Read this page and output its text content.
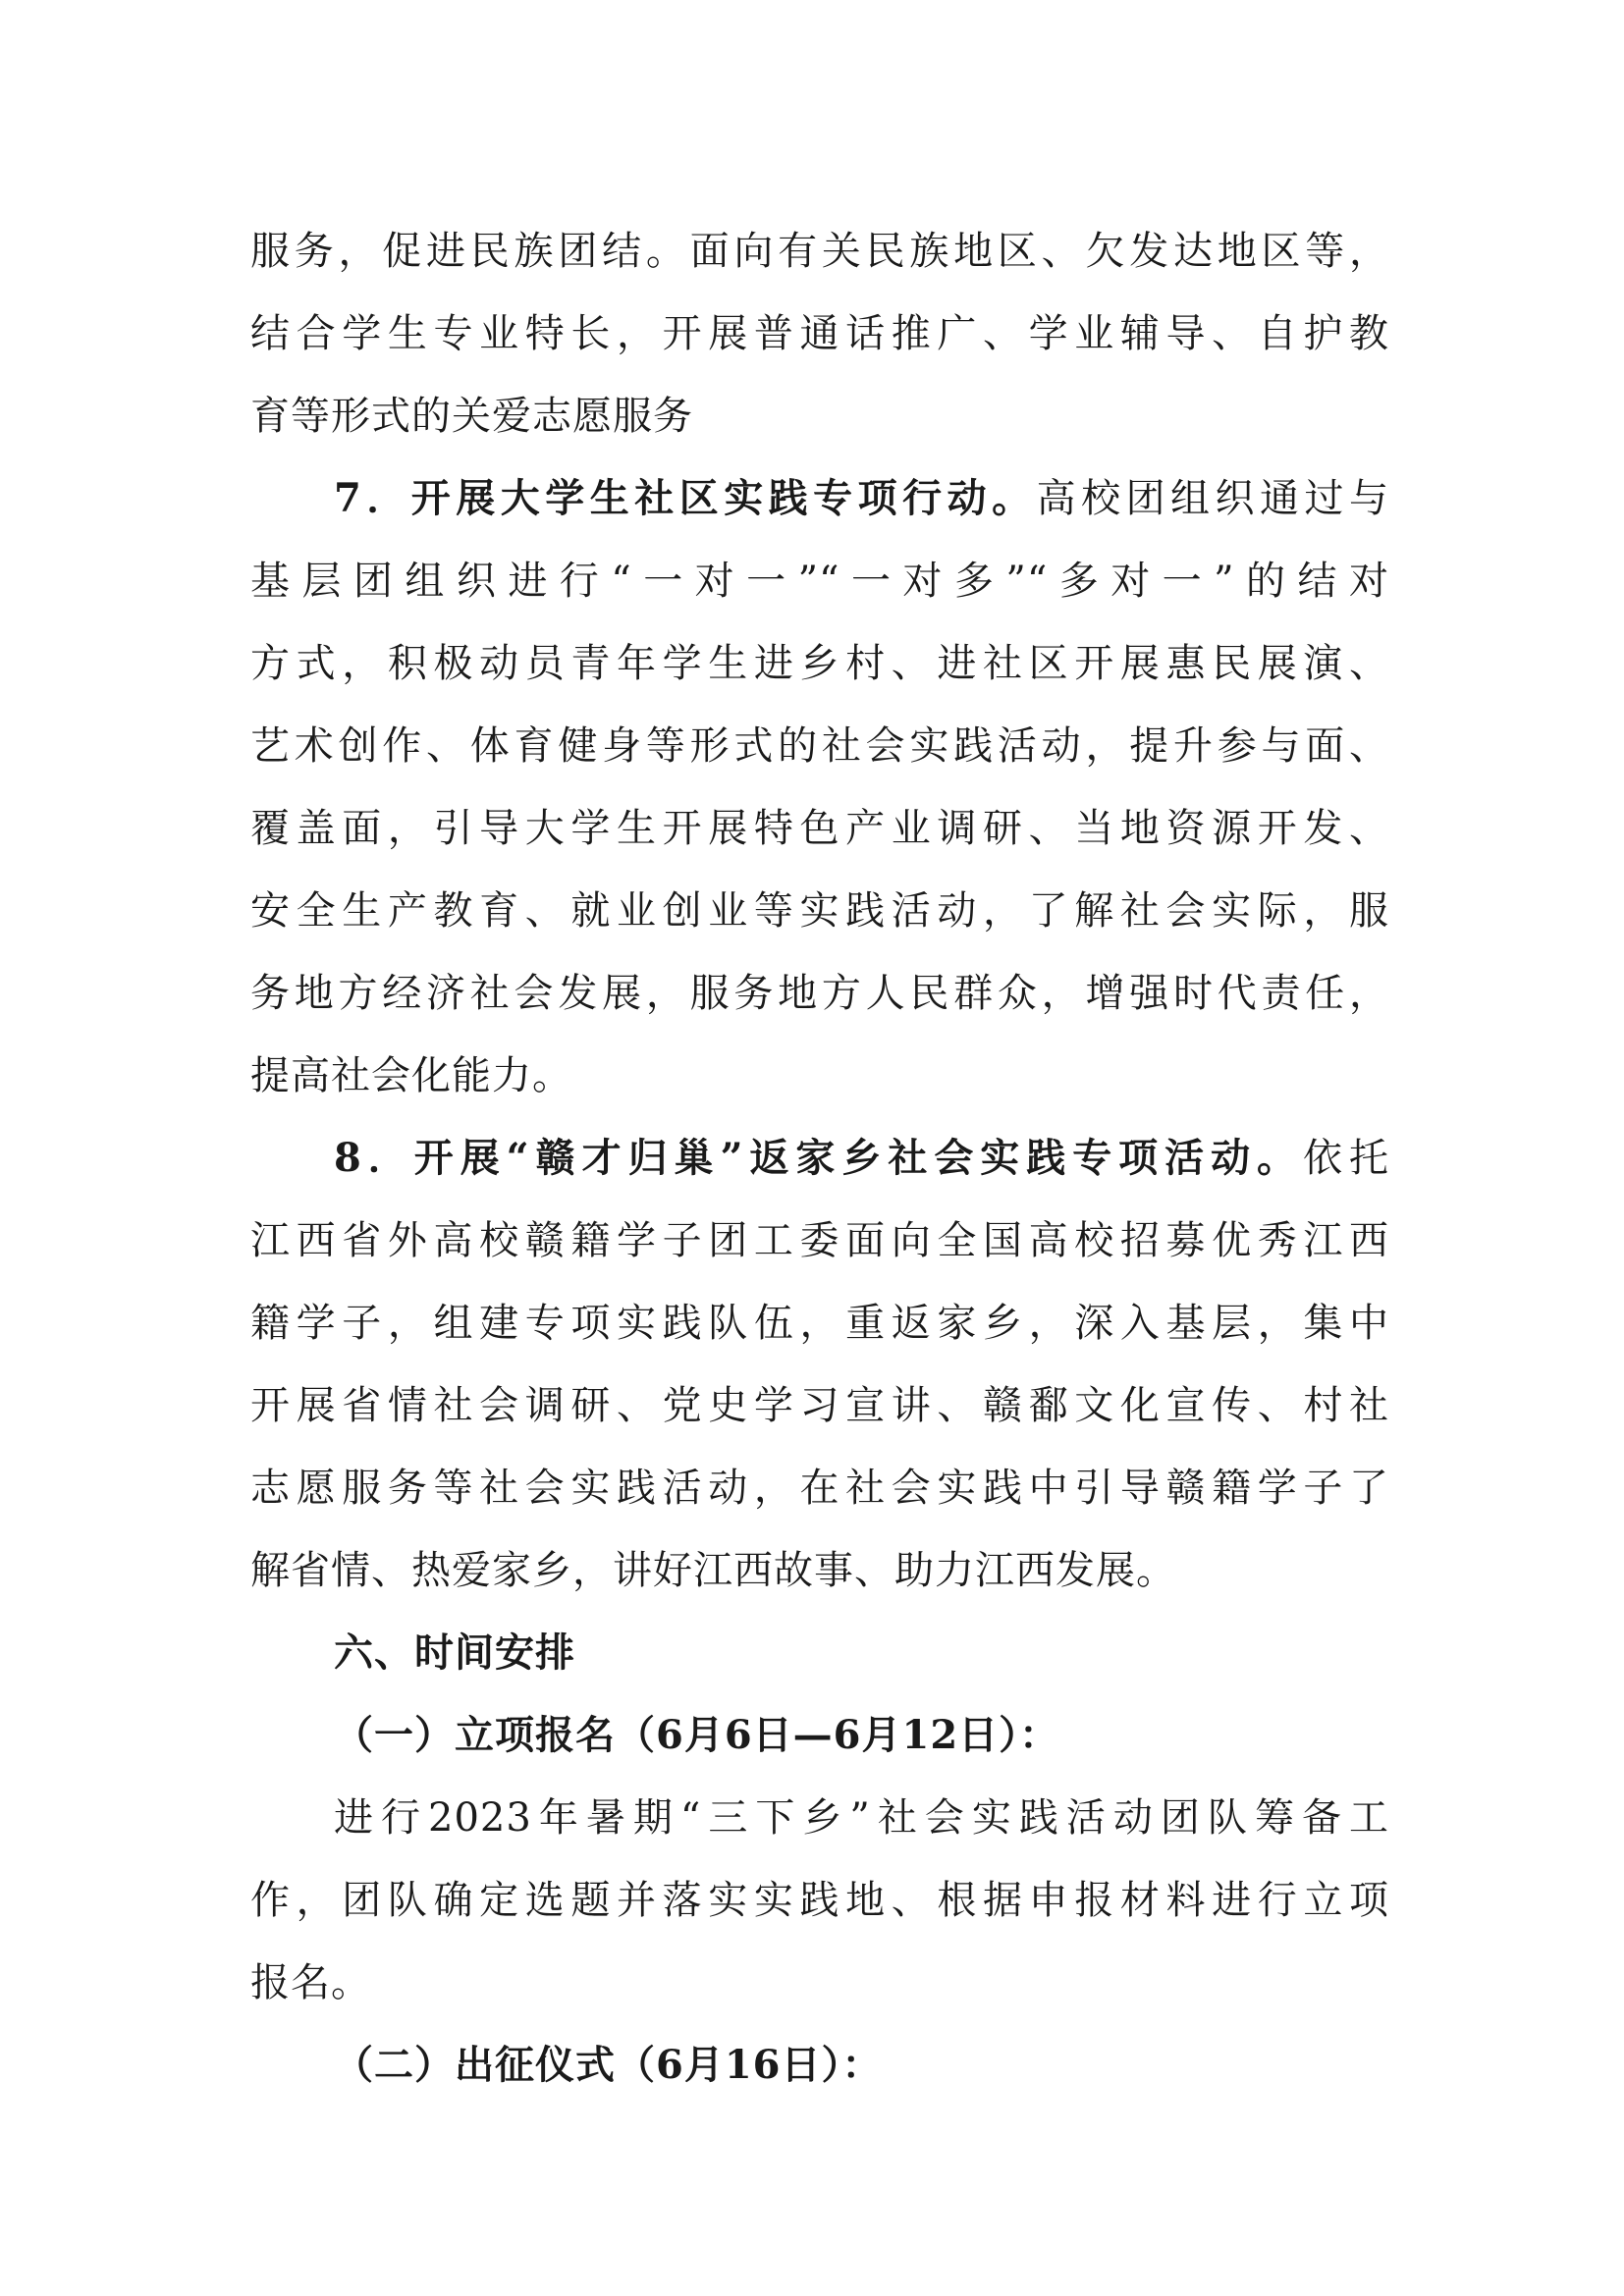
服务，促进民族团结。面向有关民族地区、欠发达地区等，
结合学生专业特长，开展普通话推广、学业辅导、自护教
育等形式的关爱志愿服务
7．开展大学生社区实践专项行动。高校团组织通过与
基层团组织进行“一对一”“一对多”“多对一”的结对
方式，积极动员青年学生进乡村、进社区开展惠民展演、
艺术创作、体育健身等形式的社会实践活动，提升参与面、
覆盖面，引导大学生开展特色产业调研、当地资源开发、
安全生产教育、就业创业等实践活动，了解社会实际，服
务地方经济社会发展，服务地方人民群众，增强时代责任，
提高社会化能力。
8．开展“赣才归巢”返家乡社会实践专项活动。依托
江西省外高校赣籍学子团工委面向全国高校招募优秀江西
籍学子，组建专项实践队伍，重返家乡，深入基层，集中
开展省情社会调研、党史学习宣讲、赣鄱文化宣传、村社
志愿服务等社会实践活动，在社会实践中引导赣籍学子了
解省情、热爱家乡，讲好江西故事、助力江西发展。
六、时间安排
（一）立项报名（6月6日—6月12日）：
进行2023年暑期“三下乡”社会实践活动团队筹备工
作，团队确定选题并落实实践地、根据申报材料进行立项
报名。
（二）出征仪式（6月16日）：
